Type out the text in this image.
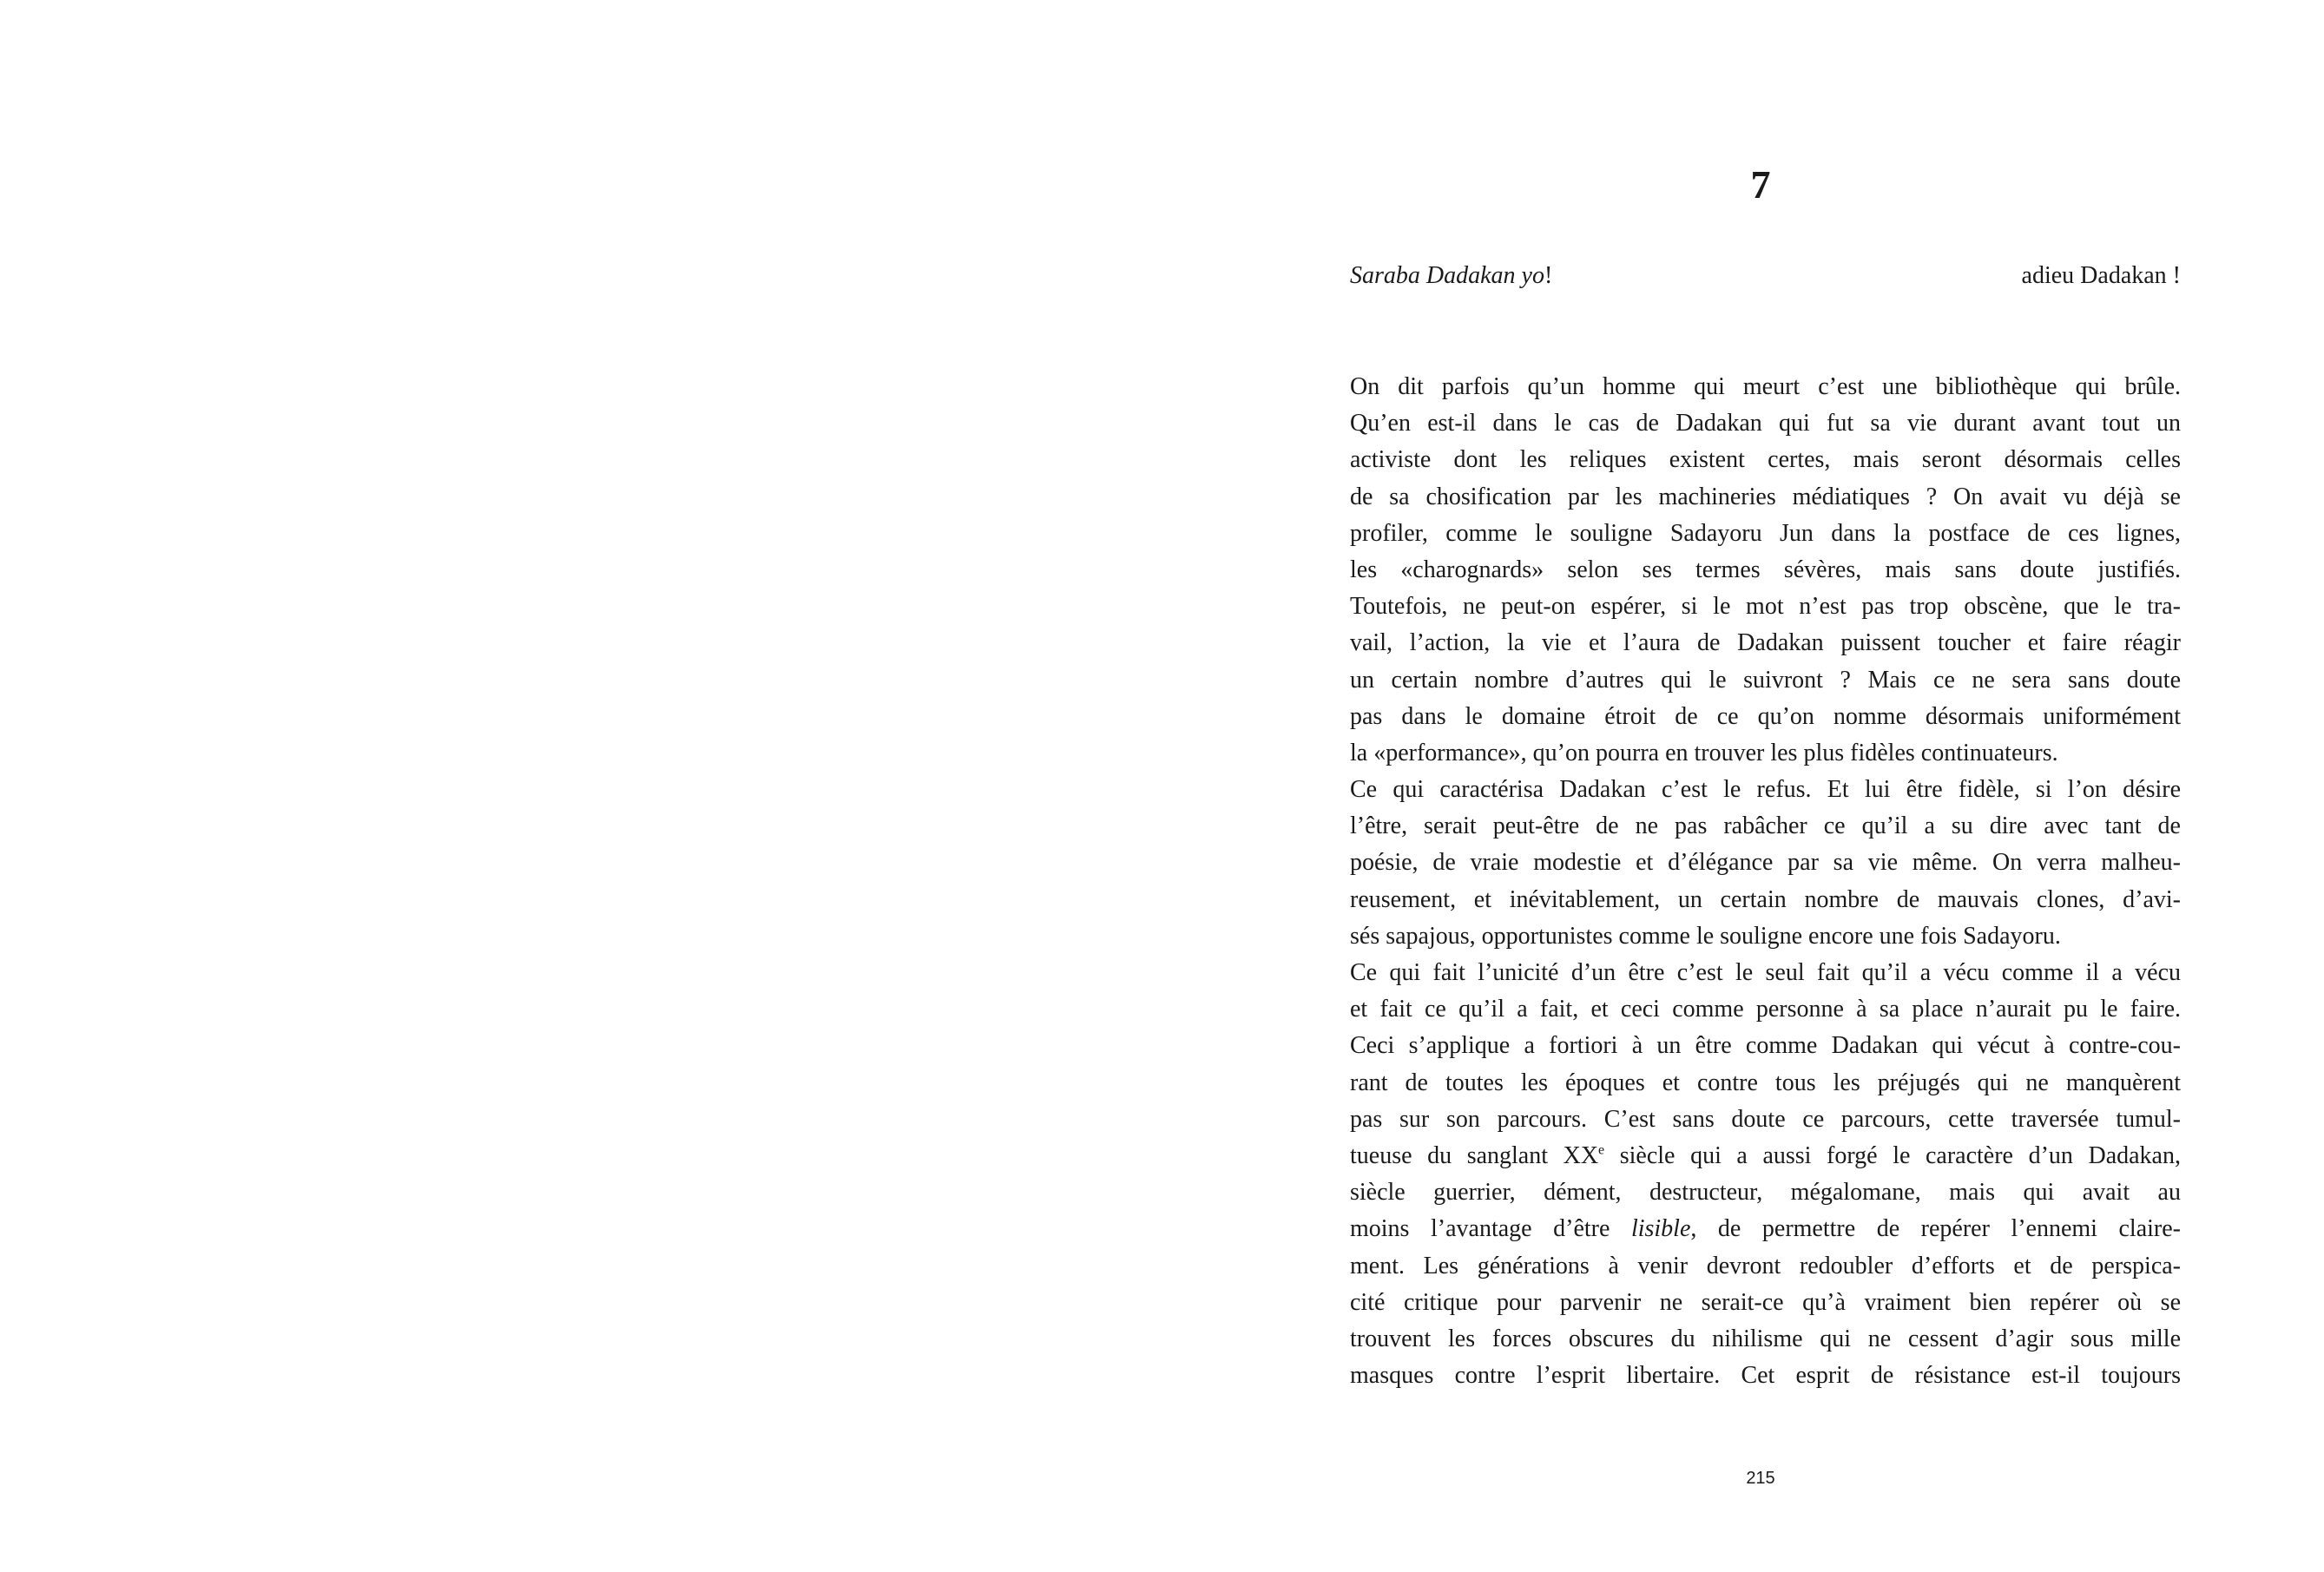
7
Saraba Dadakan yo!	adieu Dadakan !
On dit parfois qu’un homme qui meurt c’est une bibliothèque qui brûle.
Qu’en est-il dans le cas de Dadakan qui fut sa vie durant avant tout un
activiste dont les reliques existent certes, mais seront désormais celles
de sa chosification par les machineries médiatiques ? On avait vu déjà se
profiler, comme le souligne Sadayoru Jun dans la postface de ces lignes,
les «charognards» selon ses termes sévères, mais sans doute justifiés.
Toutefois, ne peut-on espérer, si le mot n’est pas trop obscène, que le tra-
vail, l’action, la vie et l’aura de Dadakan puissent toucher et faire réagir
un certain nombre d’autres qui le suivront ? Mais ce ne sera sans doute
pas dans le domaine étroit de ce qu’on nomme désormais uniformément
la «performance», qu’on pourra en trouver les plus fidèles continuateurs.
Ce qui caractérisa Dadakan c’est le refus. Et lui être fidèle, si l’on désire
l’être, serait peut-être de ne pas rabâcher ce qu’il a su dire avec tant de
poésie, de vraie modestie et d’élégance par sa vie même. On verra malheu-
reusement, et inévitablement, un certain nombre de mauvais clones, d’avi-
sés sapajous, opportunistes comme le souligne encore une fois Sadayoru.
Ce qui fait l’unicité d’un être c’est le seul fait qu’il a vécu comme il a vécu
et fait ce qu’il a fait, et ceci comme personne à sa place n’aurait pu le faire.
Ceci s’applique a fortiori à un être comme Dadakan qui vécut à contre-cou-
rant de toutes les époques et contre tous les préjugés qui ne manquèrent
pas sur son parcours. C’est sans doute ce parcours, cette traversée tumul-
tueuse du sanglant XXe siècle qui a aussi forgé le caractère d’un Dadakan,
siècle guerrier, dément, destructeur, mégalomane, mais qui avait au
moins l’avantage d’être lisible, de permettre de repérer l’ennemi claire-
ment. Les générations à venir devront redoubler d’efforts et de perspica-
cité critique pour parvenir ne serait-ce qu’à vraiment bien repérer où se
trouvent les forces obscures du nihilisme qui ne cessent d’agir sous mille
masques contre l’esprit libertaire. Cet esprit de résistance est-il toujours
215
